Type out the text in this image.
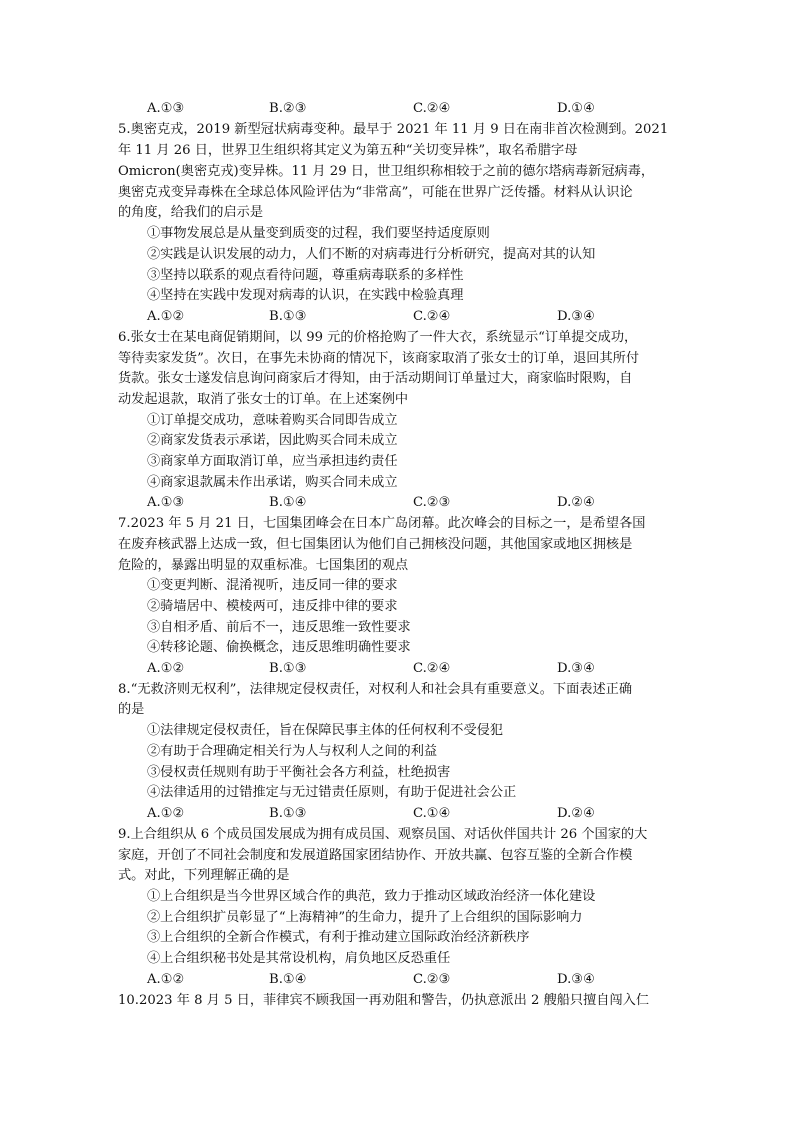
A.①③	B.②③	C.②④	D.①④
5.奥密克戎，2019 新型冠状病毒变种。最早于 2021 年 11 月 9 日在南非首次检测到。2021
年 11 月 26 日，世界卫生组织将其定义为第五种“关切变异株”，取名希腊字母
Omicron(奥密克戎)变异株。11 月 29 日，世卫组织称相较于之前的德尔塔病毒新冠病毒，
奥密克戎变异毒株在全球总体风险评估为“非常高”，可能在世界广泛传播。材料从认识论
的角度，给我们的启示是
①事物发展总是从量变到质变的过程，我们要坚持适度原则
②实践是认识发展的动力，人们不断的对病毒进行分析研究，提高对其的认知
③坚持以联系的观点看待问题，尊重病毒联系的多样性
④坚持在实践中发现对病毒的认识，在实践中检验真理
A.①②	B.①③	C.②④	D.③④
6.张女士在某电商促销期间，以 99 元的价格抢购了一件大衣，系统显示“订单提交成功，
等待卖家发货”。次日，在事先未协商的情况下，该商家取消了张女士的订单，退回其所付
货款。张女士遂发信息询问商家后才得知，由于活动期间订单量过大，商家临时限购，自
动发起退款，取消了张女士的订单。在上述案例中
①订单提交成功，意味着购买合同即告成立
②商家发货表示承诺，因此购买合同未成立
③商家单方面取消订单，应当承担违约责任
④商家退款属未作出承诺，购买合同未成立
A.①③	B.①④	C.②③	D.②④
7.2023 年 5 月 21 日，七国集团峰会在日本广岛闭幕。此次峰会的目标之一，是希望各国
在废弃核武器上达成一致，但七国集团认为他们自己拥核没问题，其他国家或地区拥核是
危险的，暴露出明显的双重标准。七国集团的观点
①变更判断、混淆视听，违反同一律的要求
②骑墙居中、模棱两可，违反排中律的要求
③自相矛盾、前后不一，违反思维一致性要求
④转移论题、偷换概念，违反思维明确性要求
A.①②	B.①③	C.②④	D.③④
8.“无救济则无权利”，法律规定侵权责任，对权利人和社会具有重要意义。下面表述正确
的是
①法律规定侵权责任，旨在保障民事主体的任何权利不受侵犯
②有助于合理确定相关行为人与权利人之间的利益
③侵权责任规则有助于平衡社会各方利益，杜绝损害
④法律适用的过错推定与无过错责任原则，有助于促进社会公正
A.①②	B.①③	C.①④	D.②④
9.上合组织从 6 个成员国发展成为拥有成员国、观察员国、对话伙伴国共计 26 个国家的大
家庭，开创了不同社会制度和发展道路国家团结协作、开放共赢、包容互鉴的全新合作模
式。对此，下列理解正确的是
①上合组织是当今世界区域合作的典范，致力于推动区域政治经济一体化建设
②上合组织扩员彰显了“上海精神”的生命力，提升了上合组织的国际影响力
③上合组织的全新合作模式，有利于推动建立国际政治经济新秩序
④上合组织秘书处是其常设机构，肩负地区反恐重任
A.①②	B.①④	C.②③	D.③④
10.2023 年 8 月 5 日，菲律宾不顾我国一再劝阻和警告，仍执意派出 2 艘船只擅自闯入仁
